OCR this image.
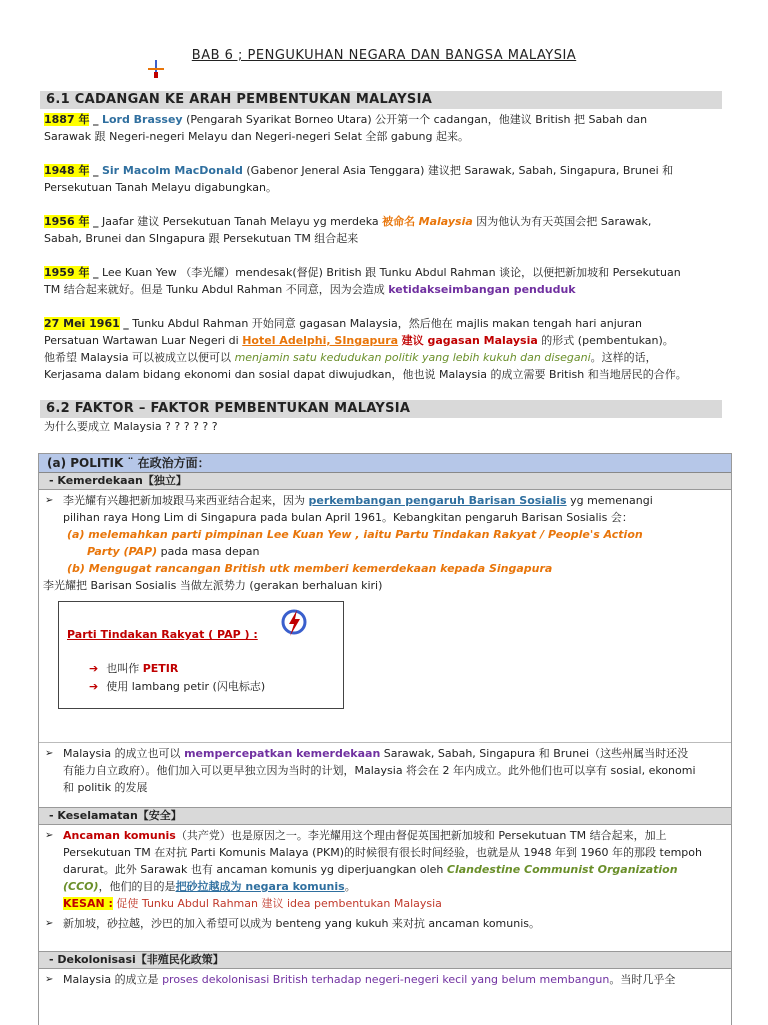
BAB 6 ; PENGUKUHAN NEGARA DAN BANGSA MALAYSIA
6.1 CADANGAN KE ARAH PEMBENTUKAN MALAYSIA
1887 年 _ Lord Brassey (Pengarah Syarikat Borneo Utara) 公开第一个 cadangan，他建议 British 把 Sabah dan
Sarawak 跟 Negeri-negeri Melayu dan Negeri-negeri Selat 全部 gabung 起来。
1948 年 _ Sir Macolm MacDonald (Gabenor Jeneral Asia Tenggara) 建议把 Sarawak, Sabah, Singapura, Brunei 和
Persekutuan Tanah Melayu digabungkan。
1956 年 _ Jaafar 建议 Persekutuan Tanah Melayu yg merdeka 被命名 Malaysia 因为他认为有天英国会把 Sarawak,
Sabah, Brunei dan SIngapura 跟 Persekutuan TM 组合起来
1959 年 _ Lee Kuan Yew （李光耀）mendesak(督促) British 跟 Tunku Abdul Rahman 谈论，以便把新加坡和 Persekutuan
TM 结合起来就好。但是 Tunku Abdul Rahman 不同意，因为会造成 ketidakseimbangan penduduk
27 Mei 1961 _ Tunku Abdul Rahman 开始同意 gagasan Malaysia，然后他在 majlis makan tengah hari anjuran
Persatuan Wartawan Luar Negeri di Hotel Adelphi, SIngapura 建议 gagasan Malaysia 的形式 (pembentukan)。
他希望 Malaysia 可以被成立以便可以 menjamin satu kedudukan politik yang lebih kukuh dan disegani。这样的话，
Kerjasama dalam bidang ekonomi dan sosial dapat diwujudkan，他也说 Malaysia 的成立需要 British 和当地居民的合作。
6.2 FAKTOR – FAKTOR PEMBENTUKAN MALAYSIA
为什么要成立 Malaysia ? ? ? ? ? ?
(a) POLITIK ¨ 在政治方面：
- Kemerdekaan【独立】
➢ 李光耀有兴趣把新加坡跟马来西亚结合起来，因为 perkembangan pengaruh Barisan Sosialis yg memenangi
pilihan raya Hong Lim di Singapura pada bulan April 1961。Kebangkitan pengaruh Barisan Sosialis 会：
(a) melemahkan parti pimpinan Lee Kuan Yew , iaitu Partu Tindakan Rakyat / People's Action
Party (PAP) pada masa depan
(b) Mengugat rancangan British utk memberi kemerdekaan kepada Singapura
李光耀把 Barisan Sosialis 当做左派势力 (gerakan berhaluan kiri)
➢ Malaysia 的成立也可以 mempercepatkan kemerdekaan Sarawak, Sabah, Singapura 和 Brunei（这些州属当时还没
有能力自立政府）。他们加入可以更早独立因为当时的计划，Malaysia 将会在 2 年内成立。此外他们也可以享有 sosial, ekonomi
和 politik 的发展
- Keselamatan【安全】
➢ Ancaman komunis（共产党）也是原因之一。李光耀用这个理由督促英国把新加坡和 Persekutuan TM 结合起来，加上
Persekutuan TM 在对抗 Parti Komunis Malaya (PKM)的时候很有很长时间经验，也就是从 1948 年到 1960 年的那段 tempoh
darurat。此外 Sarawak 也有 ancaman komunis yg diperjuangkan oleh Clandestine Communist Organization
(CCO)，他们的目的是把砂拉越成为 negara komunis。
KESAN : 促使 Tunku Abdul Rahman 建议 idea pembentukan Malaysia
➢ 新加坡，砂拉越，沙巴的加入希望可以成为 benteng yang kukuh 来对抗 ancaman komunis。
- Dekolonisasi【非殖民化政策】
➢ Malaysia 的成立是 proses dekolonisasi British terhadap negeri-negeri kecil yang belum membangun。当时几乎全
Parti Tindakan Rakyat ( PAP ) :
➔ 也叫作 PETIR
➔ 使用 lambang petir (闪电标志)
